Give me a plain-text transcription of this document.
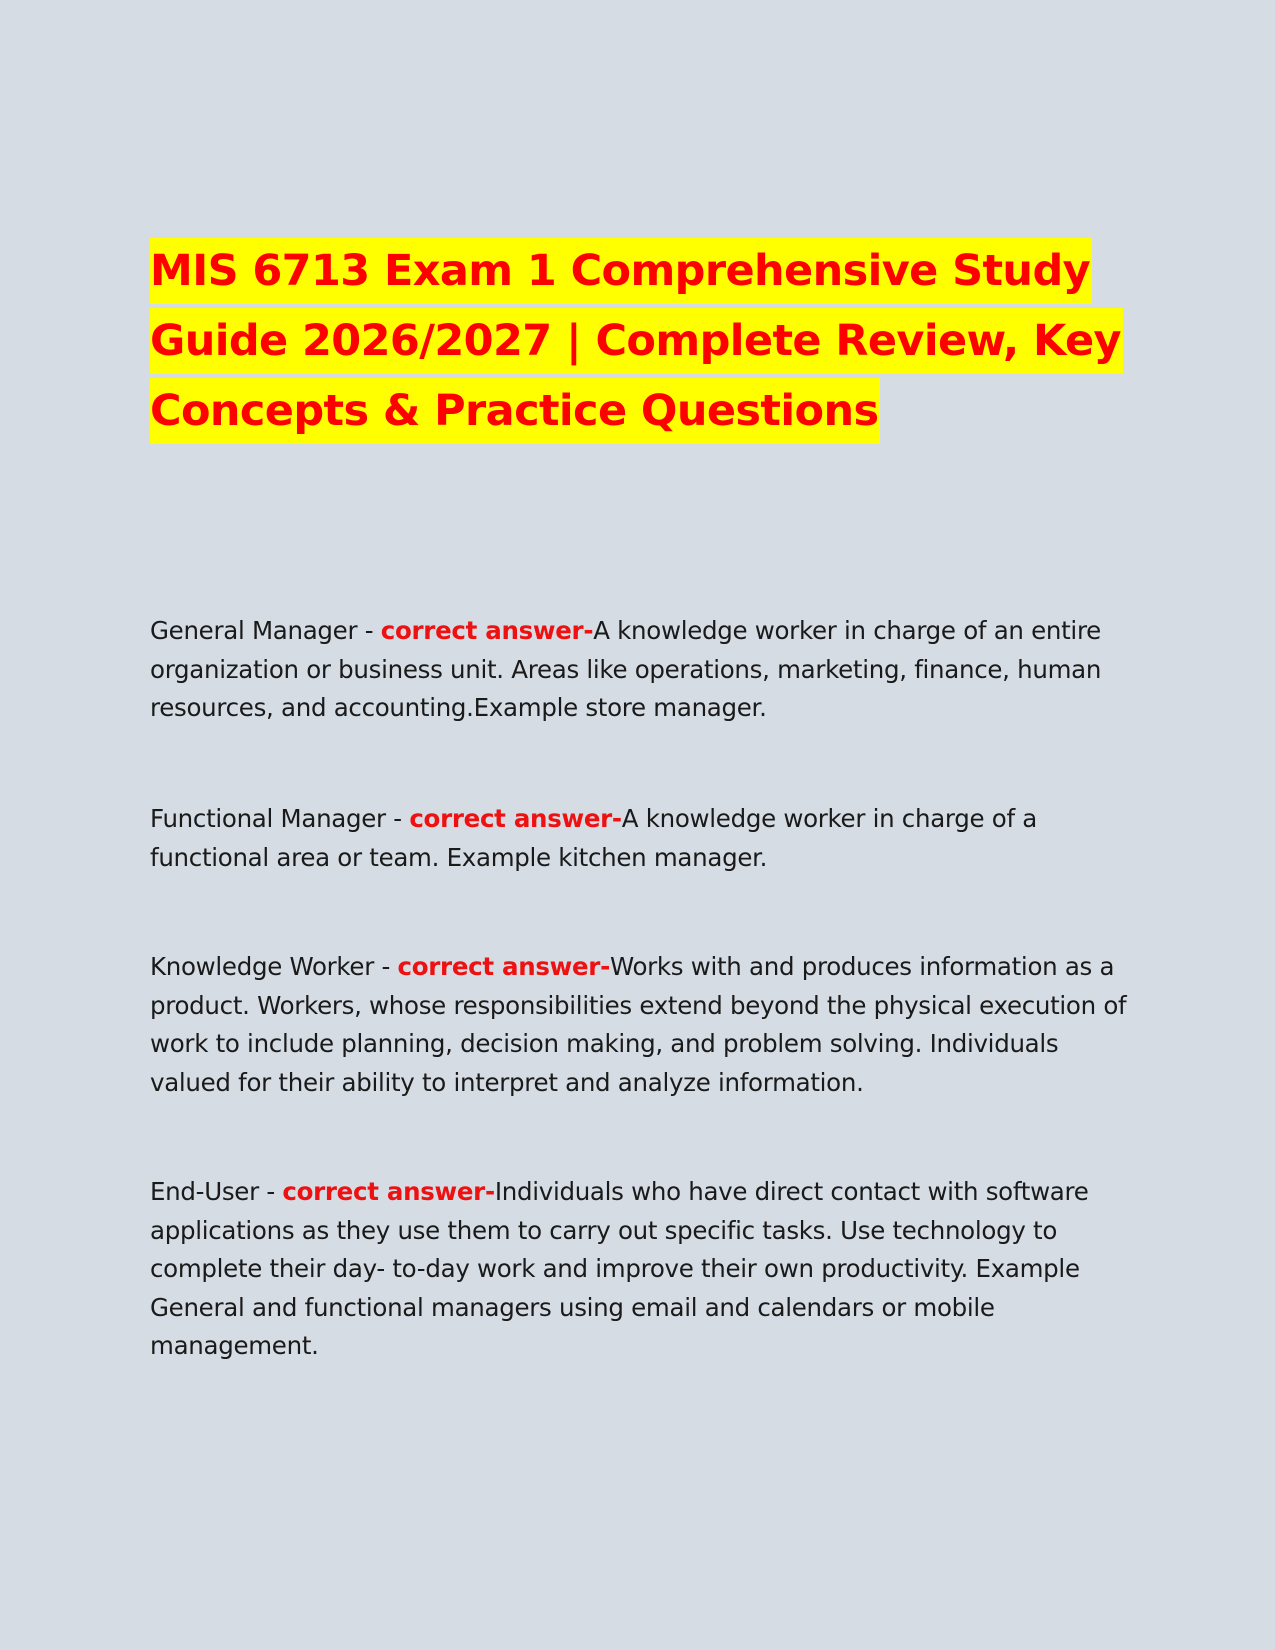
MIS 6713 Exam 1 Comprehensive Study
Guide 2026/2027 | Complete Review, Key
Concepts & Practice Questions
General Manager - correct answer-A knowledge worker in charge of an entire
organization or business unit. Areas like operations, marketing, finance, human
resources, and accounting.Example store manager.
Functional Manager - correct answer-A knowledge worker in charge of a
functional area or team. Example kitchen manager.
Knowledge Worker - correct answer-Works with and produces information as a
product. Workers, whose responsibilities extend beyond the physical execution of
work to include planning, decision making, and problem solving. Individuals
valued for their ability to interpret and analyze information.
End-User - correct answer-Individuals who have direct contact with software
applications as they use them to carry out specific tasks. Use technology to
complete their day- to-day work and improve their own productivity. Example
General and functional managers using email and calendars or mobile
management.
